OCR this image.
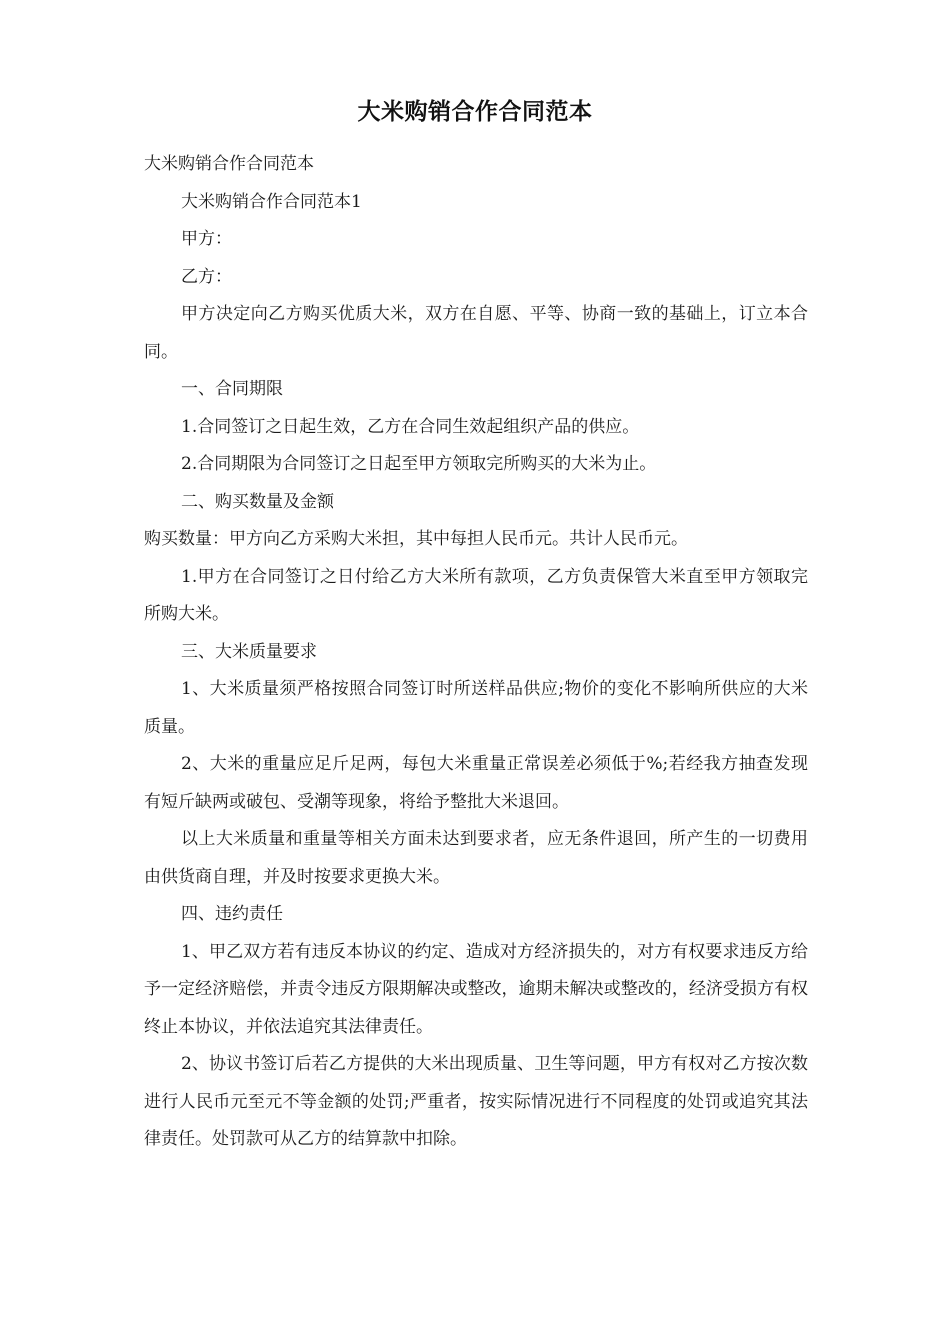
大米购销合作合同范本

大米购销合作合同范本

大米购销合作合同范本1

甲方：

乙方：

甲方决定向乙方购买优质大米，双方在自愿、平等、协商一致的基础上，订立本合同。

一、合同期限

1.合同签订之日起生效，乙方在合同生效起组织产品的供应。

2.合同期限为合同签订之日起至甲方领取完所购买的大米为止。

二、购买数量及金额

购买数量：甲方向乙方采购大米担，其中每担人民币元。共计人民币元。

1.甲方在合同签订之日付给乙方大米所有款项，乙方负责保管大米直至甲方领取完所购大米。

三、大米质量要求

1、大米质量须严格按照合同签订时所送样品供应;物价的变化不影响所供应的大米质量。

2、大米的重量应足斤足两，每包大米重量正常误差必须低于%;若经我方抽查发现有短斤缺两或破包、受潮等现象，将给予整批大米退回。

以上大米质量和重量等相关方面未达到要求者，应无条件退回，所产生的一切费用由供货商自理，并及时按要求更换大米。

四、违约责任

1、甲乙双方若有违反本协议的约定、造成对方经济损失的，对方有权要求违反方给予一定经济赔偿，并责令违反方限期解决或整改，逾期未解决或整改的，经济受损方有权终止本协议，并依法追究其法律责任。

2、协议书签订后若乙方提供的大米出现质量、卫生等问题，甲方有权对乙方按次数进行人民币元至元不等金额的处罚;严重者，按实际情况进行不同程度的处罚或追究其法律责任。处罚款可从乙方的结算款中扣除。
